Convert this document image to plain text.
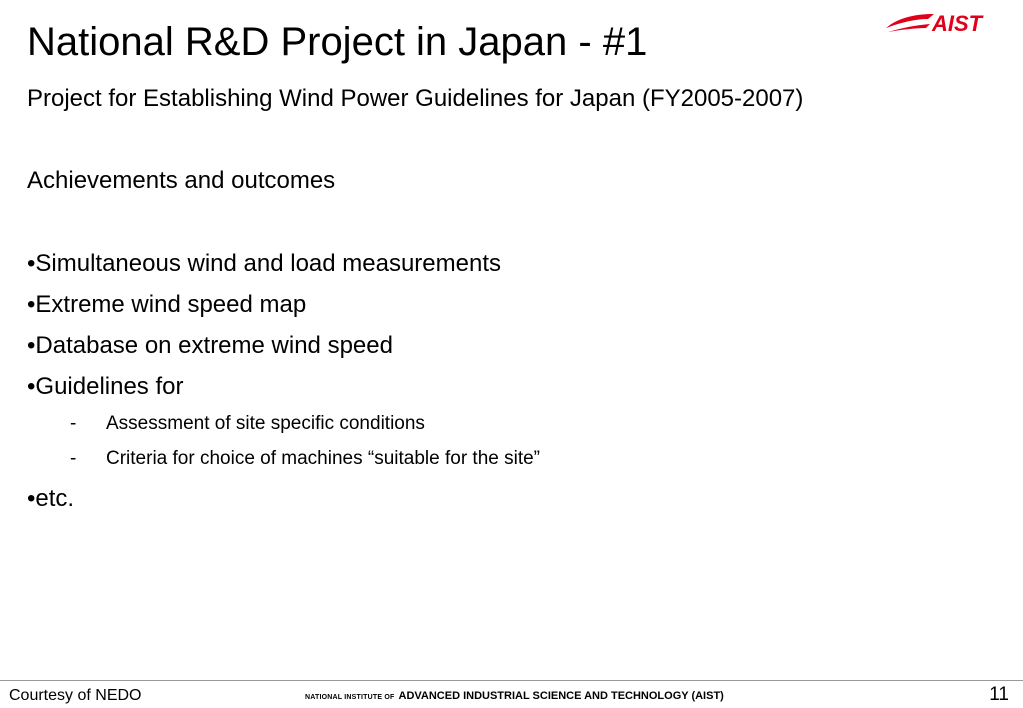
National R&D Project in Japan - #1	AIST
Project for Establishing Wind Power Guidelines for Japan (FY2005-2007)
Achievements and outcomes
•Simultaneous wind and load measurements
•Extreme wind speed map
•Database on extreme wind speed
•Guidelines for
- Assessment of site specific conditions
- Criteria for choice of machines “suitable for the site”
•etc.
Courtesy of NEDO	NATIONAL INSTITUTE OF ADVANCED INDUSTRIAL SCIENCE AND TECHNOLOGY (AIST)	11
